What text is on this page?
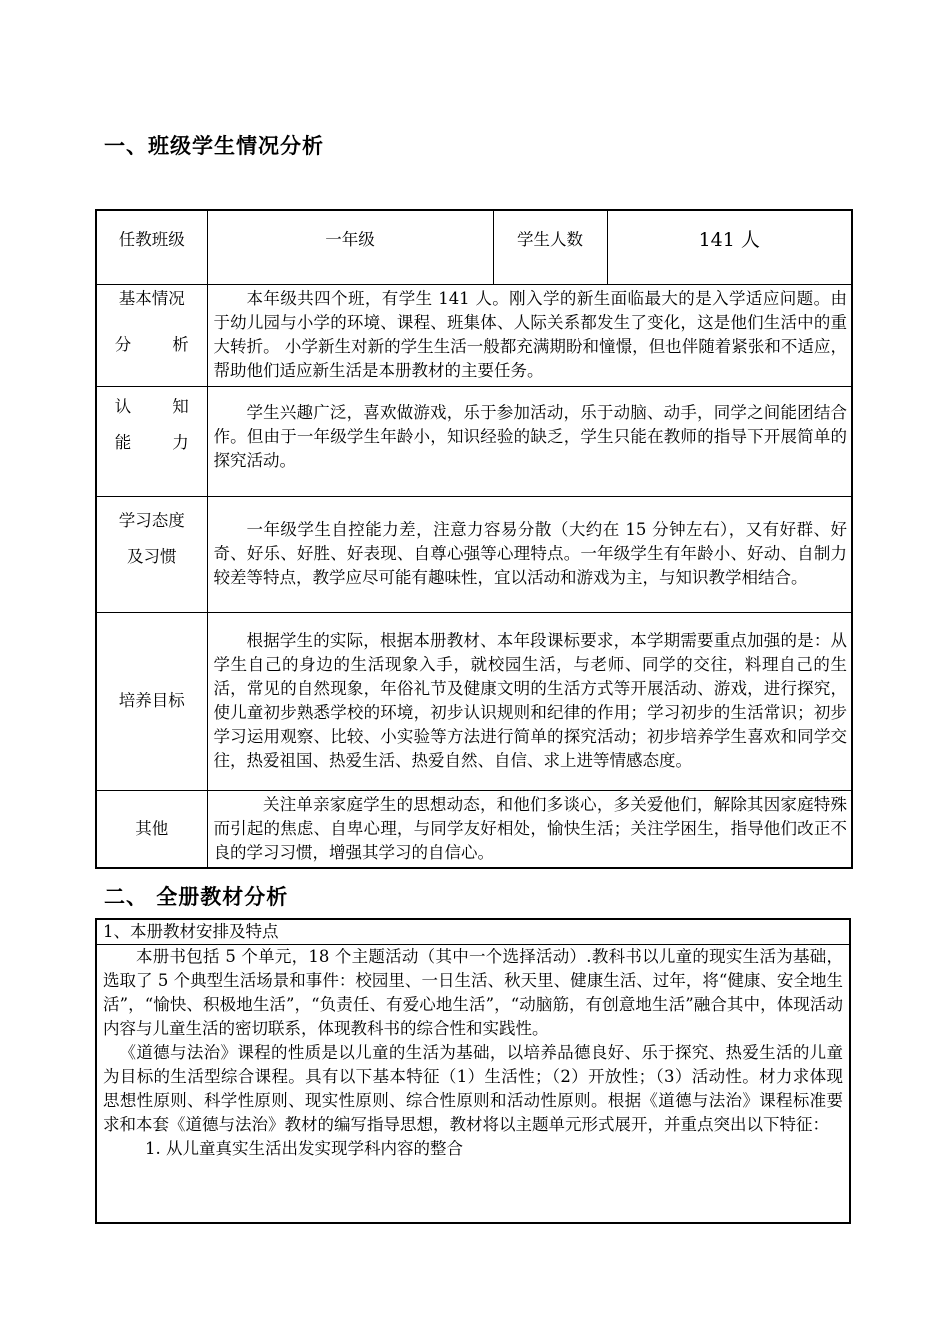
一、班级学生情况分析
任教班级	一年级	学生人数	141 人

基本情况

分 析	本年级共四个班，有学生 141 人。刚入学的新生面临最大的是入学适应问题。由于幼儿园与小学的环境、课程、班集体、人际关系都发生了变化，这是他们生活中的重大转折。 小学新生对新的学生生活一般都充满期盼和憧憬，但也伴随着紧张和不适应，帮助他们适应新生活是本册教材的主要任务。		

认 知

能 力	学生兴趣广泛，喜欢做游戏，乐于参加活动，乐于动脑、动手，同学之间能团结合作。但由于一年级学生年龄小，知识经验的缺乏，学生只能在教师的指导下开展简单的探究活动。		

学习态度

及习惯	一年级学生自控能力差，注意力容易分散（大约在 15 分钟左右），又有好群、好奇、好乐、好胜、好表现、自尊心强等心理特点。一年级学生有年龄小、好动、自制力较差等特点，教学应尽可能有趣味性，宜以活动和游戏为主，与知识教学相结合。		

培养目标	根据学生的实际，根据本册教材、本年段课标要求，本学期需要重点加强的是：从学生自己的身边的生活现象入手，就校园生活，与老师、同学的交往，料理自己的生活，常见的自然现象，年俗礼节及健康文明的生活方式等开展活动、游戏，进行探究，使儿童初步熟悉学校的环境，初步认识规则和纪律的作用；学习初步的生活常识；初步学习运用观察、比较、小实验等方法进行简单的探究活动；初步培养学生喜欢和同学交往，热爱祖国、热爱生活、热爱自然、自信、求上进等情感态度。		

其他	关注单亲家庭学生的思想动态，和他们多谈心，多关爱他们，解除其因家庭特殊而引起的焦虑、自卑心理，与同学友好相处，愉快生活；关注学困生，指导他们改正不良的学习习惯，增强其学习的自信心。		

二、 全册教材分析

1、本册教材安排及特点

本册书包括 5 个单元，18 个主题活动（其中一个选择活动）.教科书以儿童的现实生活为基础，选取了 5 个典型生活场景和事件：校园里、一日生活、秋天里、健康生活、过年，将“健康、安全地生活”，“愉快、积极地生活”，“负责任、有爱心地生活”，“动脑筋，有创意地生活”融合其中，体现活动内容与儿童生活的密切联系，体现教科书的综合性和实践性。

《道德与法治》课程的性质是以儿童的生活为基础，以培养品德良好、乐于探究、热爱生活的儿童为目标的生活型综合课程。具有以下基本特征（1）生活性；（2）开放性；（3）活动性。材力求体现思想性原则、科学性原则、现实性原则、综合性原则和活动性原则。根据《道德与法治》课程标准要求和本套《道德与法治》教材的编写指导思想，教材将以主题单元形式展开，并重点突出以下特征：

1. 从儿童真实生活出发实现学科内容的整合
